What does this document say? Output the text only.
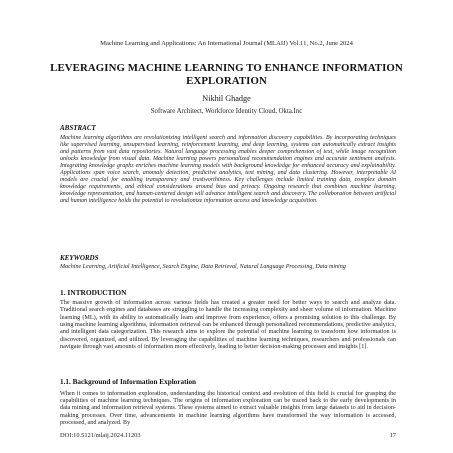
Machine Learning and Applications: An International Journal (MLAIJ) Vol.11, No.2, June 2024
LEVERAGING MACHINE LEARNING TO ENHANCE INFORMATION EXPLORATION
Nikhil Ghadge
Software Architect, Workforce Identity Cloud, Okta.Inc
ABSTRACT
Machine learning algorithms are revolutionizing intelligent search and information discovery capabilities. By incorporating techniques like supervised learning, unsupervised learning, reinforcement learning, and deep learning, systems can automatically extract insights and patterns from vast data repositories. Natural language processing enables deeper comprehension of text, while image recognition unlocks knowledge from visual data. Machine learning powers personalized recommendation engines and accurate sentiment analysis. Integrating knowledge graphs enriches machine learning models with background knowledge for enhanced accuracy and explainability. Applications span voice search, anomaly detection, predictive analytics, text mining, and data clustering. However, interpretable AI models are crucial for enabling transparency and trustworthiness. Key challenges include limited training data, complex domain knowledge requirements, and ethical considerations around bias and privacy. Ongoing research that combines machine learning, knowledge representation, and human-centered design will advance intelligent search and discovery. The collaboration between artificial and human intelligence holds the potential to revolutionize information access and knowledge acquisition.
KEYWORDS
Machine Learning, Artificial Intelligence, Search Engine, Data Retrieval, Natural Language Processing, Data mining
1. INTRODUCTION
The massive growth of information across various fields has created a greater need for better ways to search and analyze data. Traditional search engines and databases are struggling to handle the increasing complexity and sheer volume of information. Machine learning (ML), with its ability to automatically learn and improve from experience, offers a promising solution to this challenge. By using machine learning algorithms, information retrieval can be enhanced through personalized recommendations, predictive analytics, and intelligent data categorization. This research aims to explore the potential of machine learning to transform how information is discovered, organized, and utilized. By leveraging the capabilities of machine learning techniques, researchers and professionals can navigate through vast amounts of information more effectively, leading to better decision-making processes and insights [1].
1.1. Background of Information Exploration
When it comes to information exploration, understanding the historical context and evolution of this field is crucial for grasping the capabilities of machine learning techniques. The origins of information exploration can be traced back to the early developments in data mining and information retrieval systems. These systems aimed to extract valuable insights from large datasets to aid in decision-making processes. Over time, advancements in machine learning algorithms have transformed the way information is accessed, processed, and analyzed. By
DOI:10.5121/mlaij.2024.11203	17
